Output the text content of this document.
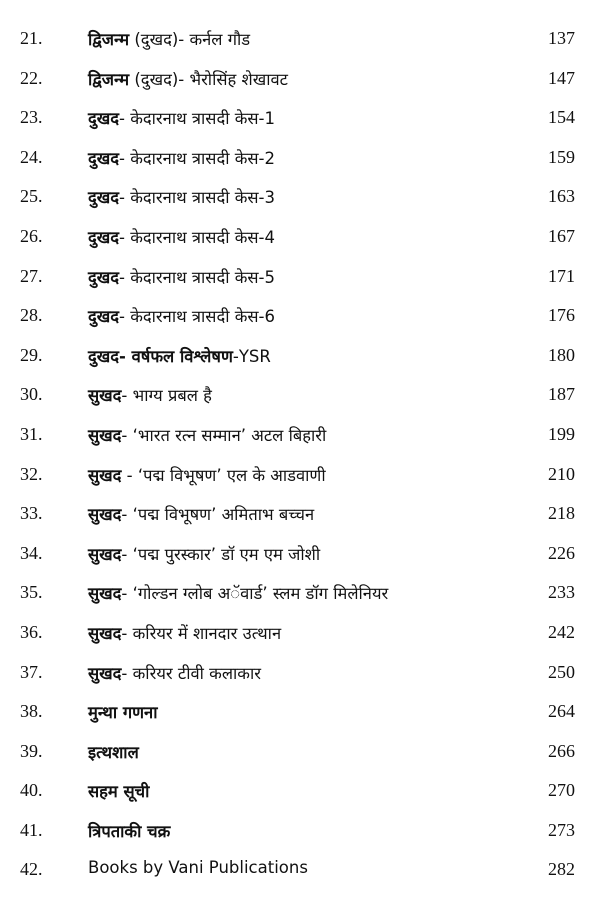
21.	द्विजन्म (दुखद)- कर्नल गौड	137
22.	द्विजन्म (दुखद)- भैरोसिंह शेखावट	147
23.	दुखद- केदारनाथ त्रासदी केस-1	154
24.	दुखद- केदारनाथ त्रासदी केस-2	159
25.	दुखद- केदारनाथ त्रासदी केस-3	163
26.	दुखद- केदारनाथ त्रासदी केस-4	167
27.	दुखद- केदारनाथ त्रासदी केस-5	171
28.	दुखद- केदारनाथ त्रासदी केस-6	176
29.	दुखद- वर्षफल विश्लेषण-YSR	180
30.	सुखद- भाग्य प्रबल है	187
31.	सुखद- ‘भारत रत्न सम्मान’ अटल बिहारी	199
32.	सुखद - ‘पद्म विभूषण’ एल के आडवाणी	210
33.	सुखद- ‘पद्म विभूषण’ अमिताभ बच्चन	218
34.	सुखद- ‘पद्म पुरस्कार’ डॉ एम एम जोशी	226
35.	सुखद- ‘गोल्डन ग्लोब अॅवार्ड’ स्लम डॉग मिलेनियर	233
36.	सुखद- करियर में शानदार उत्थान	242
37.	सुखद- करियर टीवी कलाकार	250
38.	मुन्था गणना	264
39.	इत्थशाल	266
40.	सहम सूची	270
41.	त्रिपताकी चक्र	273
42.	Books by Vani Publications	282
